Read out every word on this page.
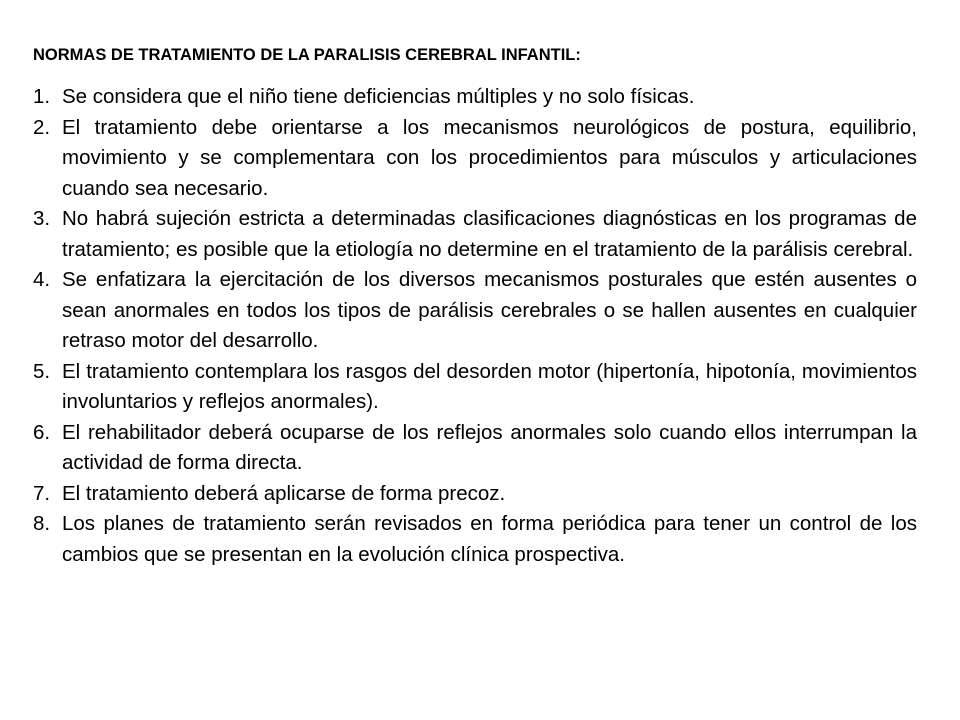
NORMAS DE TRATAMIENTO DE LA PARALISIS CEREBRAL INFANTIL:
1. Se considera que el niño tiene deficiencias múltiples y no solo físicas.
2. El tratamiento debe orientarse a los mecanismos neurológicos de postura, equilibrio, movimiento y se complementara con los procedimientos para músculos y articulaciones cuando sea necesario.
3. No habrá sujeción estricta a determinadas clasificaciones diagnósticas en los programas de tratamiento; es posible que la etiología no determine en el tratamiento de la parálisis cerebral.
4. Se enfatizara la ejercitación de los diversos mecanismos posturales que estén ausentes o sean anormales en todos los tipos de parálisis cerebrales o se hallen ausentes en cualquier retraso motor del desarrollo.
5. El tratamiento contemplara los rasgos del desorden motor (hipertonía, hipotonía, movimientos involuntarios y reflejos anormales).
6. El rehabilitador deberá ocuparse de los reflejos anormales solo cuando ellos interrumpan la actividad de forma directa.
7. El tratamiento deberá aplicarse de forma precoz.
8. Los planes de tratamiento serán revisados en forma periódica para tener un control de los cambios que se presentan en la evolución clínica prospectiva.
